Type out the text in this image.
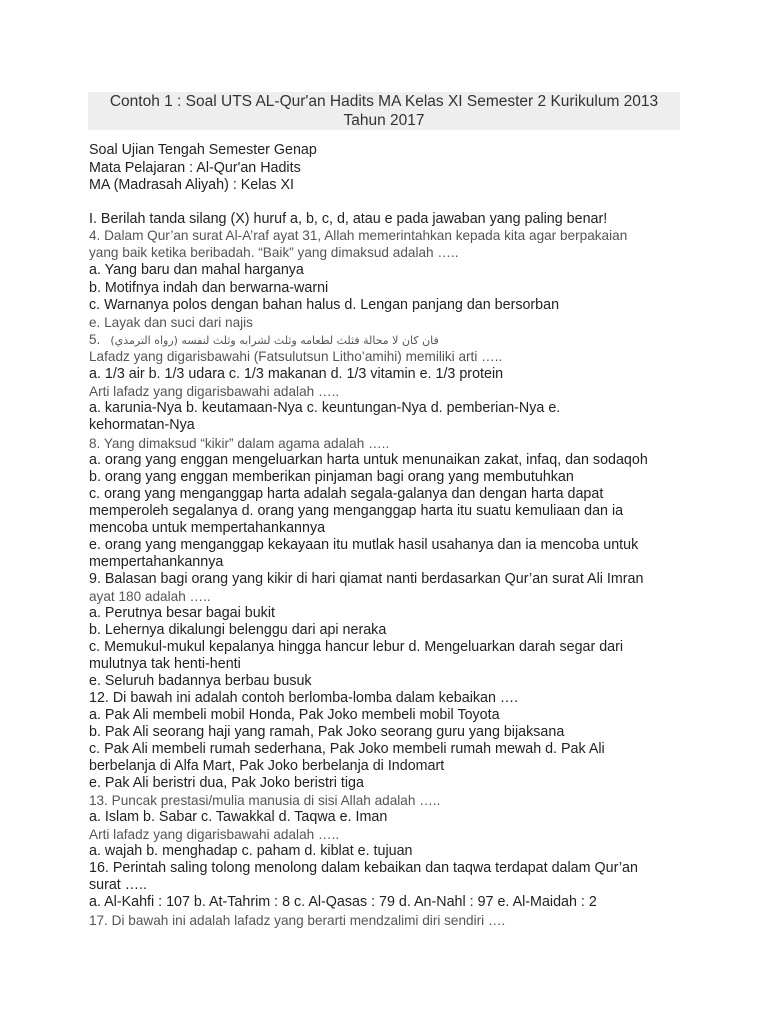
Contoh 1 : Soal UTS AL-Qur'an Hadits MA Kelas XI Semester 2 Kurikulum 2013
Tahun 2017
Soal Ujian Tengah Semester Genap
Mata Pelajaran : Al-Qur'an Hadits
MA (Madrasah Aliyah) : Kelas XI
I. Berilah tanda silang (X) huruf a, b, c, d, atau e pada jawaban yang paling benar!
4. Dalam Qur’an surat Al-A’raf ayat 31, Allah memerintahkan kepada kita agar berpakaian
yang baik ketika beribadah. “Baik” yang dimaksud adalah …..
a. Yang baru dan mahal harganya
b. Motifnya indah dan berwarna-warni
c. Warnanya polos dengan bahan halus d. Lengan panjang dan bersorban
e. Layak dan suci dari najis
5. فان كان لا محالة فثلث لطعامه وثلث لشرابه وثلث لنفسه (رواه الترمذي)
Lafadz yang digarisbawahi (Fatsulutsun Litho’amihi) memiliki arti …..
a. 1/3 air b. 1/3 udara c. 1/3 makanan d. 1/3 vitamin e. 1/3 protein
Arti lafadz yang digarisbawahi adalah …..
a. karunia-Nya b. keutamaan-Nya c. keuntungan-Nya d. pemberian-Nya e.
kehormatan-Nya
8. Yang dimaksud “kikir” dalam agama adalah …..
a. orang yang enggan mengeluarkan harta untuk menunaikan zakat, infaq, dan sodaqoh
b. orang yang enggan memberikan pinjaman bagi orang yang membutuhkan
c. orang yang menganggap harta adalah segala-galanya dan dengan harta dapat
memperoleh segalanya d. orang yang menganggap harta itu suatu kemuliaan dan ia
mencoba untuk mempertahankannya
e. orang yang menganggap kekayaan itu mutlak hasil usahanya dan ia mencoba untuk
mempertahankannya
9. Balasan bagi orang yang kikir di hari qiamat nanti berdasarkan Qur’an surat Ali Imran
ayat 180 adalah …..
a. Perutnya besar bagai bukit
b. Lehernya dikalungi belenggu dari api neraka
c. Memukul-mukul kepalanya hingga hancur lebur d. Mengeluarkan darah segar dari
mulutnya tak henti-henti
e. Seluruh badannya berbau busuk
12. Di bawah ini adalah contoh berlomba-lomba dalam kebaikan ….
a. Pak Ali membeli mobil Honda, Pak Joko membeli mobil Toyota
b. Pak Ali seorang haji yang ramah, Pak Joko seorang guru yang bijaksana
c. Pak Ali membeli rumah sederhana, Pak Joko membeli rumah mewah d. Pak Ali
berbelanja di Alfa Mart, Pak Joko berbelanja di Indomart
e. Pak Ali beristri dua, Pak Joko beristri tiga
13. Puncak prestasi/mulia manusia di sisi Allah adalah …..
a. Islam b. Sabar c. Tawakkal d. Taqwa e. Iman
Arti lafadz yang digarisbawahi adalah …..
a. wajah b. menghadap c. paham d. kiblat e. tujuan
16. Perintah saling tolong menolong dalam kebaikan dan taqwa terdapat dalam Qur’an
surat …..
a. Al-Kahfi : 107 b. At-Tahrim : 8 c. Al-Qasas : 79 d. An-Nahl : 97 e. Al-Maidah : 2
17. Di bawah ini adalah lafadz yang berarti mendzalimi diri sendiri ….
